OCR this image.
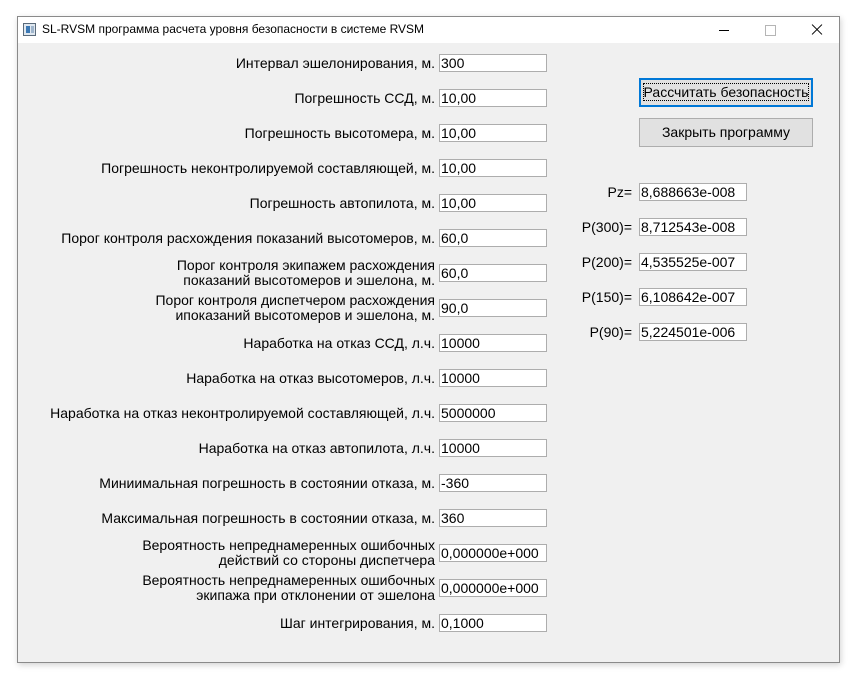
SL-RVSM программа расчета уровня безопасности в системе RVSM
Интервал эшелонирования, м. 300
Погрешность ССД, м. 10,00
Погрешность высотомера, м. 10,00
Погрешность неконтролируемой составляющей, м. 10,00
Погрешность автопилота, м. 10,00
Порог контроля расхождения показаний высотомеров, м. 60,0
Порог контроля экипажем расхождения
показаний высотомеров и эшелона, м. 60,0
Порог контроля диспетчером расхождения
ипоказаний высотомеров и эшелона, м. 90,0
Наработка на отказ ССД, л.ч. 10000
Наработка на отказ высотомеров, л.ч. 10000
Наработка на отказ неконтролируемой составляющей, л.ч. 5000000
Наработка на отказ автопилота, л.ч. 10000
Миниимальная погрешность в состоянии отказа, м. -360
Максимальная погрешность в состоянии отказа, м. 360
Вероятность непреднамеренных ошибочных
действий со стороны диспетчера 0,000000e+000
Вероятность непреднамеренных ошибочных
экипажа при отклонении от эшелона 0,000000e+000
Шаг интегрирования, м. 0,1000
Рассчитать безопасность
Закрыть программу
Pz= 8,688663e-008
P(300)= 8,712543e-008
P(200)= 4,535525e-007
P(150)= 6,108642e-007
P(90)= 5,224501e-006
